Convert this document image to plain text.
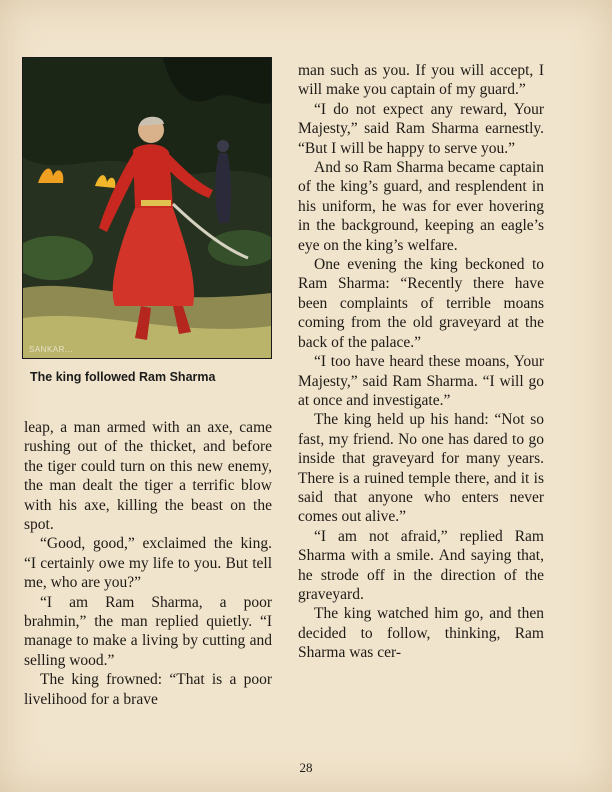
SANKAR...
The king followed Ram Sharma

leap, a man armed with an axe, came rushing out of the thicket, and before the tiger could turn on this new enemy, the man dealt the tiger a terrific blow with his axe, killing the beast on the spot.

“Good, good,” exclaimed the king. “I certainly owe my life to you. But tell me, who are you?”

“I am Ram Sharma, a poor brahmin,” the man replied quietly. “I manage to make a living by cutting and selling wood.”

The king frowned: “That is a poor livelihood for a brave

man such as you. If you will accept, I will make you captain of my guard.”

“I do not expect any reward, Your Majesty,” said Ram Sharma earnestly. “But I will be happy to serve you.”

And so Ram Sharma became captain of the king’s guard, and resplendent in his uniform, he was for ever hovering in the background, keeping an eagle’s eye on the king’s welfare.

One evening the king beckoned to Ram Sharma: “Recently there have been complaints of terrible moans coming from the old graveyard at the back of the palace.”

“I too have heard these moans, Your Majesty,” said Ram Sharma. “I will go at once and investigate.”

The king held up his hand: “Not so fast, my friend. No one has dared to go inside that graveyard for many years. There is a ruined temple there, and it is said that anyone who enters never comes out alive.”

“I am not afraid,” replied Ram Sharma with a smile. And saying that, he strode off in the direction of the graveyard.

The king watched him go, and then decided to follow, thinking, Ram Sharma was cer-

28
